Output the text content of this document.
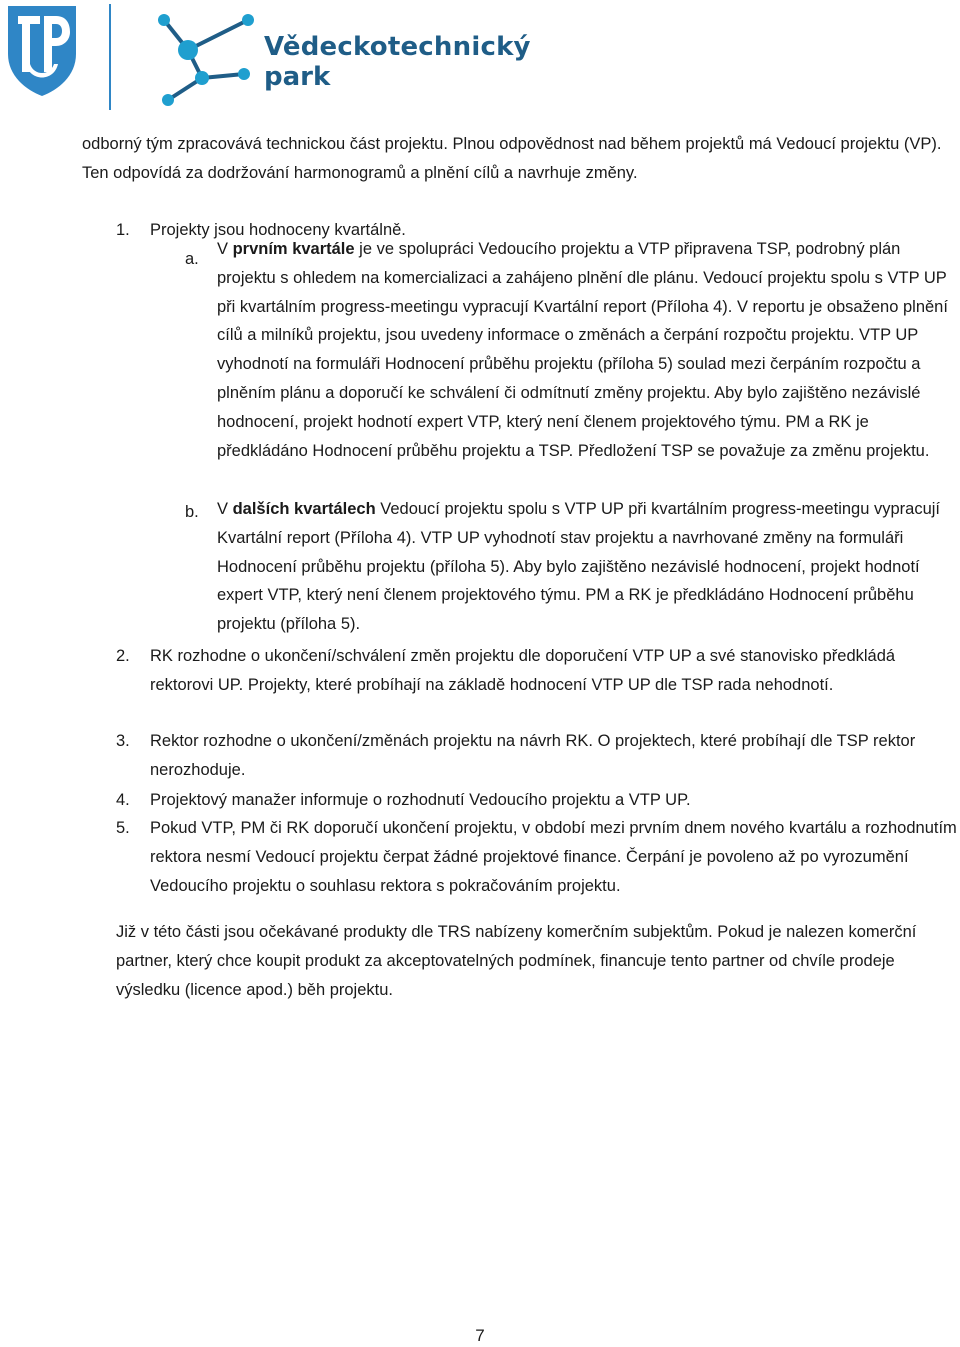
Vědeckotechnický
park

odborný tým zpracovává technickou část projektu. Plnou odpovědnost nad během projektů má Vedoucí projektu (VP). Ten odpovídá za dodržování harmonogramů a plnění cílů a navrhuje změny.

1. Projekty jsou hodnoceny kvartálně.
a.

V prvním kvartále je ve spolupráci Vedoucího projektu a VTP připravena TSP, podrobný plán projektu s ohledem na komercializaci a zahájeno plnění dle plánu. Vedoucí projektu spolu s VTP UP při kvartálním progress-meetingu vypracují Kvartální report (Příloha 4). V reportu je obsaženo plnění cílů a milníků projektu, jsou uvedeny informace o změnách a čerpání rozpočtu projektu. VTP UP vyhodnotí na formuláři Hodnocení průběhu projektu (příloha 5) soulad mezi čerpáním rozpočtu a plněním plánu a doporučí ke schválení či odmítnutí změny projektu. Aby bylo zajištěno nezávislé hodnocení, projekt hodnotí expert VTP, který není členem projektového týmu. PM a RK je předkládáno Hodnocení průběhu projektu a TSP. Předložení TSP se považuje za změnu projektu.

b. V dalších kvartálech Vedoucí projektu spolu s VTP UP při kvartálním progress-meetingu vypracují Kvartální report (Příloha 4). VTP UP vyhodnotí stav projektu a navrhované změny na formuláři Hodnocení průběhu projektu (příloha 5). Aby bylo zajištěno nezávislé hodnocení, projekt hodnotí expert VTP, který není členem projektového týmu. PM a RK je předkládáno Hodnocení průběhu projektu (příloha 5).

2. RK rozhodne o ukončení/schválení změn projektu dle doporučení VTP UP a své stanovisko předkládá rektorovi UP. Projekty, které probíhají na základě hodnocení VTP UP dle TSP rada nehodnotí.

3. Rektor rozhodne o ukončení/změnách projektu na návrh RK. O projektech, které probíhají dle TSP rektor nerozhoduje.

4. Projektový manažer informuje o rozhodnutí Vedoucího projektu a VTP UP.

5. Pokud VTP, PM či RK doporučí ukončení projektu, v období mezi prvním dnem nového kvartálu a rozhodnutím rektora nesmí Vedoucí projektu čerpat žádné projektové finance. Čerpání je povoleno až po vyrozumění Vedoucího projektu o souhlasu rektora s pokračováním projektu.

Již v této části jsou očekávané produkty dle TRS nabízeny komerčním subjektům. Pokud je nalezen komerční partner, který chce koupit produkt za akceptovatelných podmínek, financuje tento partner od chvíle prodeje výsledku (licence apod.) běh projektu.

7
